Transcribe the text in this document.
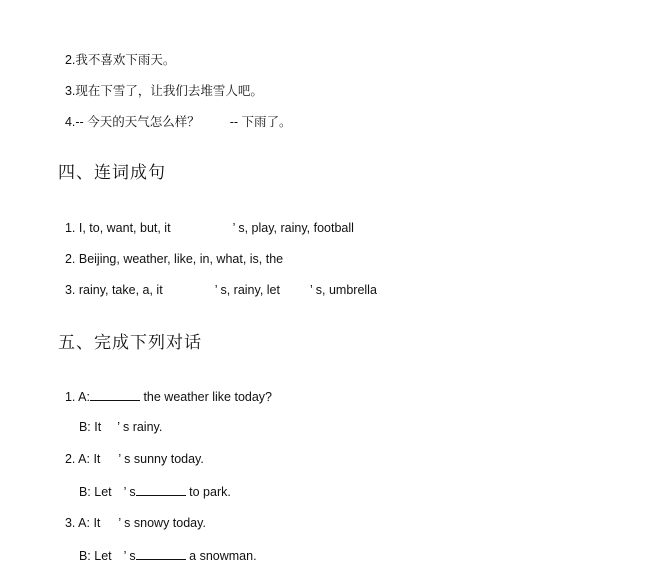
2.我不喜欢下雨天。

3.现在下雪了，让我们去堆雪人吧。

4.-- 今天的天气怎么样？ -- 下雨了。

四、连词成句

1. I, to, want, but, it	’ s, play, rainy, football

2. Beijing, weather, like, in, what, is, the

3. rainy, take, a, it	’ s, rainy, let ’ s, umbrella

五、完成下列对话

1. A:	the weather like today?

B: It ’ s rainy.

2. A: It ’ s sunny today.

B: Let ’ s	to park.

3. A: It ’ s snowy today.

B: Let ’ s	a snowman.
